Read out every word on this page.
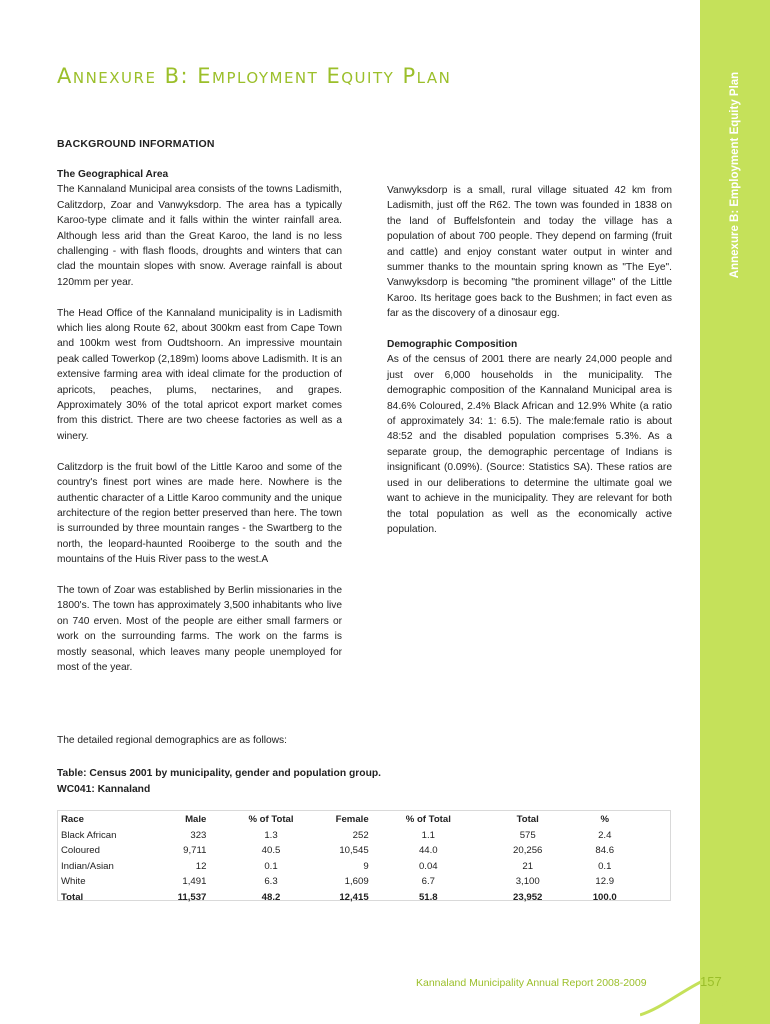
Annexure B: Employment Equity Plan
Annexure B: Employment Equity Plan
BACKGROUND INFORMATION
The Geographical Area

The Kannaland Municipal area consists of the towns Ladismith, Calitzdorp, Zoar and Vanwyksdorp. The area has a typically Karoo-type climate and it falls within the winter rainfall area. Although less arid than the Great Karoo, the land is no less challenging - with flash floods, droughts and winters that can clad the mountain slopes with snow. Average rainfall is about 120mm per year.

The Head Office of the Kannaland municipality is in Ladismith which lies along Route 62, about 300km east from Cape Town and 100km west from Oudtshoorn. An impressive mountain peak called Towerkop (2,189m) looms above Ladismith. It is an extensive farming area with ideal climate for the production of apricots, peaches, plums, nectarines, and grapes. Approximately 30% of the total apricot export market comes from this district. There are two cheese factories as well as a winery.

Calitzdorp is the fruit bowl of the Little Karoo and some of the country's finest port wines are made here. Nowhere is the authentic character of a Little Karoo community and the unique architecture of the region better preserved than here. The town is surrounded by three mountain ranges - the Swartberg to the north, the leopard-haunted Rooiberge to the south and the mountains of the Huis River pass to the west.A

The town of Zoar was established by Berlin missionaries in the 1800's. The town has approximately 3,500 inhabitants who live on 740 erven. Most of the people are either small farmers or work on the surrounding farms. The work on the farms is mostly seasonal, which leaves many people unemployed for most of the year.

Vanwyksdorp is a small, rural village situated 42 km from Ladismith, just off the R62. The town was founded in 1838 on the land of Buffelsfontein and today the village has a population of about 700 people. They depend on farming (fruit and cattle) and enjoy constant water output in winter and summer thanks to the mountain spring known as "The Eye". Vanwyksdorp is becoming "the prominent village" of the Little Karoo. Its heritage goes back to the Bushmen; in fact even as far as the discovery of a dinosaur egg.

Demographic Composition

As of the census of 2001 there are nearly 24,000 people and just over 6,000 households in the municipality. The demographic composition of the Kannaland Municipal area is 84.6% Coloured, 2.4% Black African and 12.9% White (a ratio of approximately 34: 1: 6.5). The male:female ratio is about 48:52 and the disabled population comprises 5.3%. As a separate group, the demographic percentage of Indians is insignificant (0.09%). (Source: Statistics SA). These ratios are used in our deliberations to determine the ultimate goal we want to achieve in the municipality. They are relevant for both the total population as well as the economically active population.

The detailed regional demographics are as follows:
Table: Census 2001 by municipality, gender and population group.
WC041: Kannaland
Race	Male	% of Total	Female	% of Total	Total	%
Black African	323	1.3	252	1.1	575	2.4
Coloured	9,711	40.5	10,545	44.0	20,256	84.6
Indian/Asian	12	0.1	9	0.04	21	0.1
White	1,491	6.3	1,609	6.7	3,100	12.9
Total	11,537	48.2	12,415	51.8	23,952	100.0
Kannaland Municipality Annual Report 2008-2009	157
